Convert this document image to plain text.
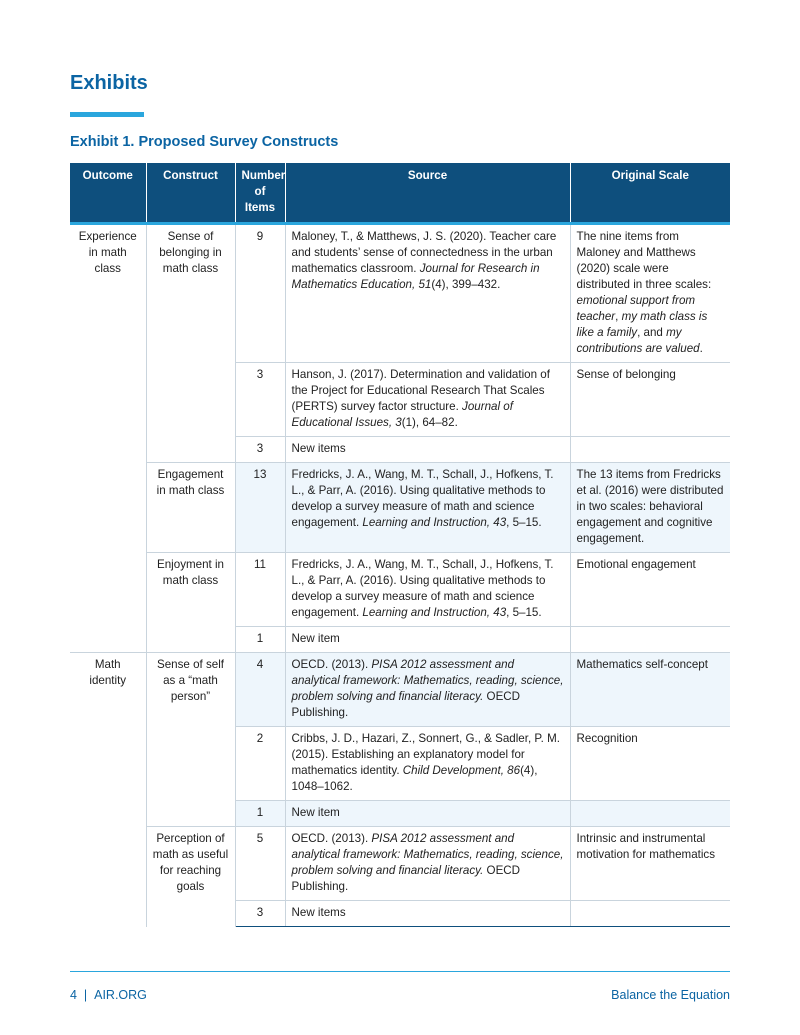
Exhibits
Exhibit 1. Proposed Survey Constructs
Outcome	Construct	Number of Items	Source	Original Scale
Experience in math class	Sense of belonging in math class	9	Maloney, T., & Matthews, J. S. (2020). Teacher care and students’ sense of connectedness in the urban mathematics classroom. Journal for Research in Mathematics Education, 51(4), 399–432.	The nine items from Maloney and Matthews (2020) scale were distributed in three scales: emotional support from teacher, my math class is like a family, and my contributions are valued.
		3	Hanson, J. (2017). Determination and validation of the Project for Educational Research That Scales (PERTS) survey factor structure. Journal of Educational Issues, 3(1), 64–82.	Sense of belonging
		3	New items	
	Engagement in math class	13	Fredricks, J. A., Wang, M. T., Schall, J., Hofkens, T. L., & Parr, A. (2016). Using qualitative methods to develop a survey measure of math and science engagement. Learning and Instruction, 43, 5–15.	The 13 items from Fredricks et al. (2016) were distributed in two scales: behavioral engagement and cognitive engagement.
	Enjoyment in math class	11	Fredricks, J. A., Wang, M. T., Schall, J., Hofkens, T. L., & Parr, A. (2016). Using qualitative methods to develop a survey measure of math and science engagement. Learning and Instruction, 43, 5–15.	Emotional engagement
		1	New item	
Math identity	Sense of self as a “math person”	4	OECD. (2013). PISA 2012 assessment and analytical framework: Mathematics, reading, science, problem solving and financial literacy. OECD Publishing.	Mathematics self-concept
		2	Cribbs, J. D., Hazari, Z., Sonnert, G., & Sadler, P. M. (2015). Establishing an explanatory model for mathematics identity. Child Development, 86(4), 1048–1062.	Recognition
		1	New item	
	Perception of math as useful for reaching goals	5	OECD. (2013). PISA 2012 assessment and analytical framework: Mathematics, reading, science, problem solving and financial literacy. OECD Publishing.	Intrinsic and instrumental motivation for mathematics
		3	New items	
4 | AIR.ORG	Balance the Equation
